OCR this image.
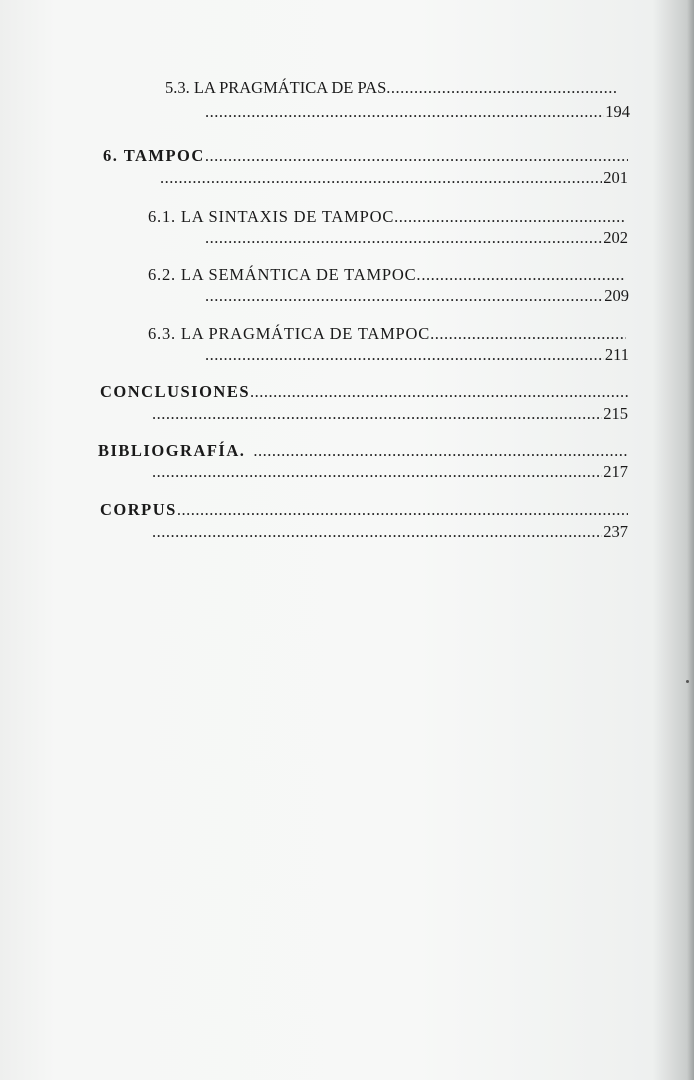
5.3. LA PRAGMÁTICA DE PAS
.....
.....
194
6. TAMPOC
.....
.....
201
6.1. LA SINTAXIS DE TAMPOC
.....
.....
202
6.2. LA SEMÁNTICA DE TAMPOC.
.....
.....
209
6.3. LA PRAGMÁTICA DE TAMPOC
.....
.....
211
CONCLUSIONES
.....
.....
215
BIBLIOGRAFÍA.
.....
.....
217
CORPUS
.....
.....
237
